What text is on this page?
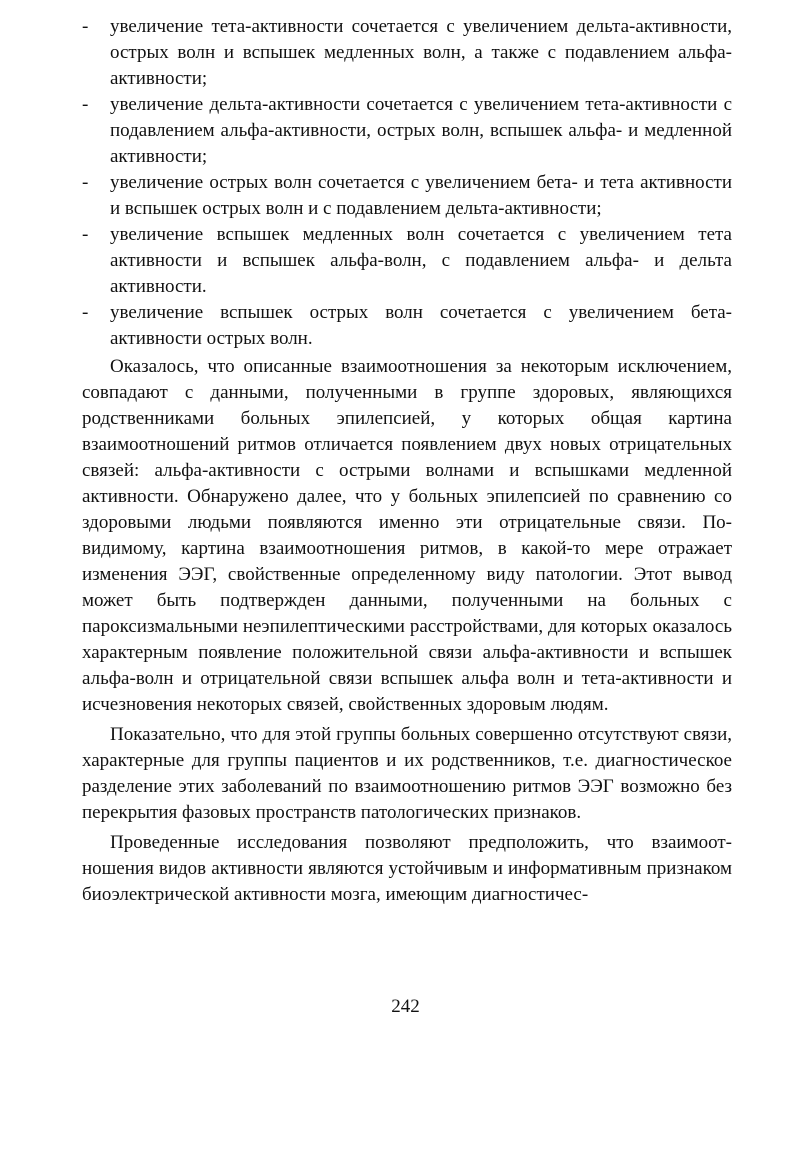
- увеличение тета-активности сочетается с увеличением дельта-активности, острых волн и вспышек медленных волн, а также с подавлением альфа-активности;
- увеличение дельта-активности сочетается с увеличением тета-активности с подавлением альфа-активности, острых волн, вспышек альфа- и медленной активности;
- увеличение острых волн сочетается с увеличением бета- и тета активности и вспышек острых волн и с подавлением дельта-активности;
- увеличение вспышек медленных волн сочетается с увеличением тета активности и вспышек альфа-волн, с подавлением альфа- и дельта активности.
- увеличение вспышек острых волн сочетается с увеличением бета-активности острых волн.

Оказалось, что описанные взаимоотношения за некоторым исключением, совпадают с данными, полученными в группе здоровых, являющихся родственниками больных эпилепсией, у которых общая картина взаимоотношений ритмов отличается появлением двух новых отрицательных связей: альфа-активности с острыми волнами и вспышками медленной активности. Обнаружено далее, что у больных эпилепсией по сравнению со здоровыми людьми появляются именно эти отрицательные связи. По-видимому, картина взаимоотношения ритмов, в какой-то мере отражает изменения ЭЭГ, свойственные определенному виду патологии. Этот вывод может быть подтвержден данными, полученными на больных с пароксизмальными неэпилептическими расстройствами, для которых оказалось характерным появление положительной связи альфа-активности и вспышек альфа-волн и отрицательной связи вспышек альфа волн и тета-активности и исчезновения некоторых связей, свойственных здоровым людям.

Показательно, что для этой группы больных совершенно отсутствуют связи, характерные для группы пациентов и их родственников, т.е. диагностическое разделение этих заболеваний по взаимоотношению ритмов ЭЭГ возможно без перекрытия фазовых пространств патологических признаков.

Проведенные исследования позволяют предположить, что взаимоотношения видов активности являются устойчивым и информативным признаком биоэлектрической активности мозга, имеющим диагностичес-

242
